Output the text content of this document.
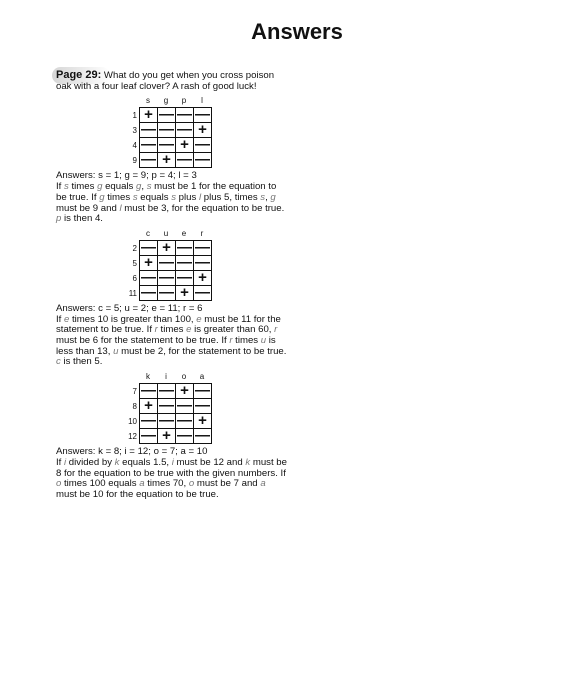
Answers
Page 29: What do you get when you cross poison oak with a four leaf clover? A rash of good luck!
s	g	p	l
1 + — — —
3 — — — +
4 — — + —
9 — + — —
Answers: s = 1; g = 9; p = 4; l = 3
If s times g equals g, s must be 1 for the equation to be true. If g times s equals s plus l plus 5, times s, g must be 9 and l must be 3, for the equation to be true. p is then 4.
c	u	e	r
2 — + — —
5 + — — —
6 — — — +
11 — — + —
Answers: c = 5; u = 2; e = 11; r = 6
If e times 10 is greater than 100, e must be 11 for the statement to be true. If r times e is greater than 60, r must be 6 for the statement to be true. If r times u is less than 13, u must be 2, for the statement to be true. c is then 5.
k	i	o	a
7 — — + —
8 + — — —
10 — — — +
12 — + — —
Answers: k = 8; i = 12; o = 7; a = 10
If i divided by k equals 1.5, i must be 12 and k must be 8 for the equation to be true with the given numbers. If o times 100 equals a times 70, o must be 7 and a must be 10 for the equation to be true.
